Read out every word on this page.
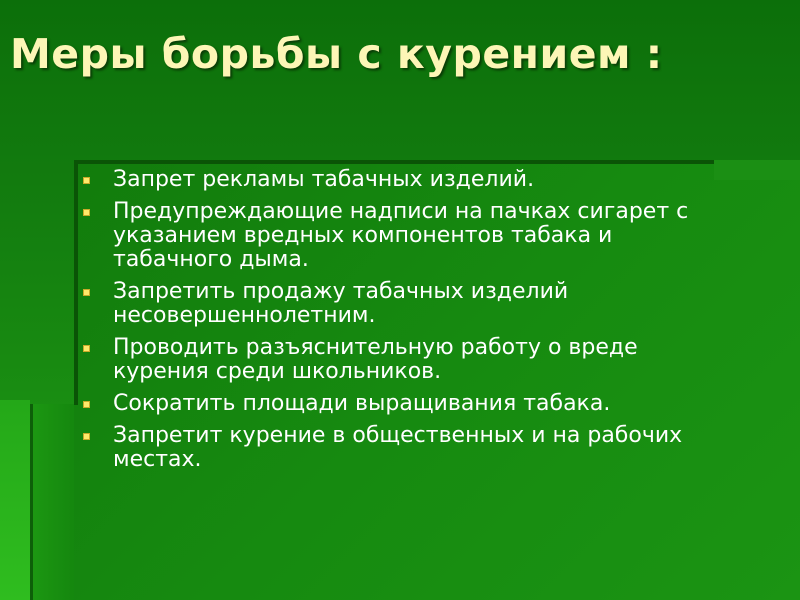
Меры борьбы с курением :
Запрет рекламы табачных изделий.
Предупреждающие надписи на пачках сигарет с указанием вредных компонентов табака и табачного дыма.
Запретить продажу табачных изделий несовершеннолетним.
Проводить разъяснительную работу о вреде курения среди школьников.
Сократить площади выращивания табака.
Запретит курение в общественных и на рабочих местах.
